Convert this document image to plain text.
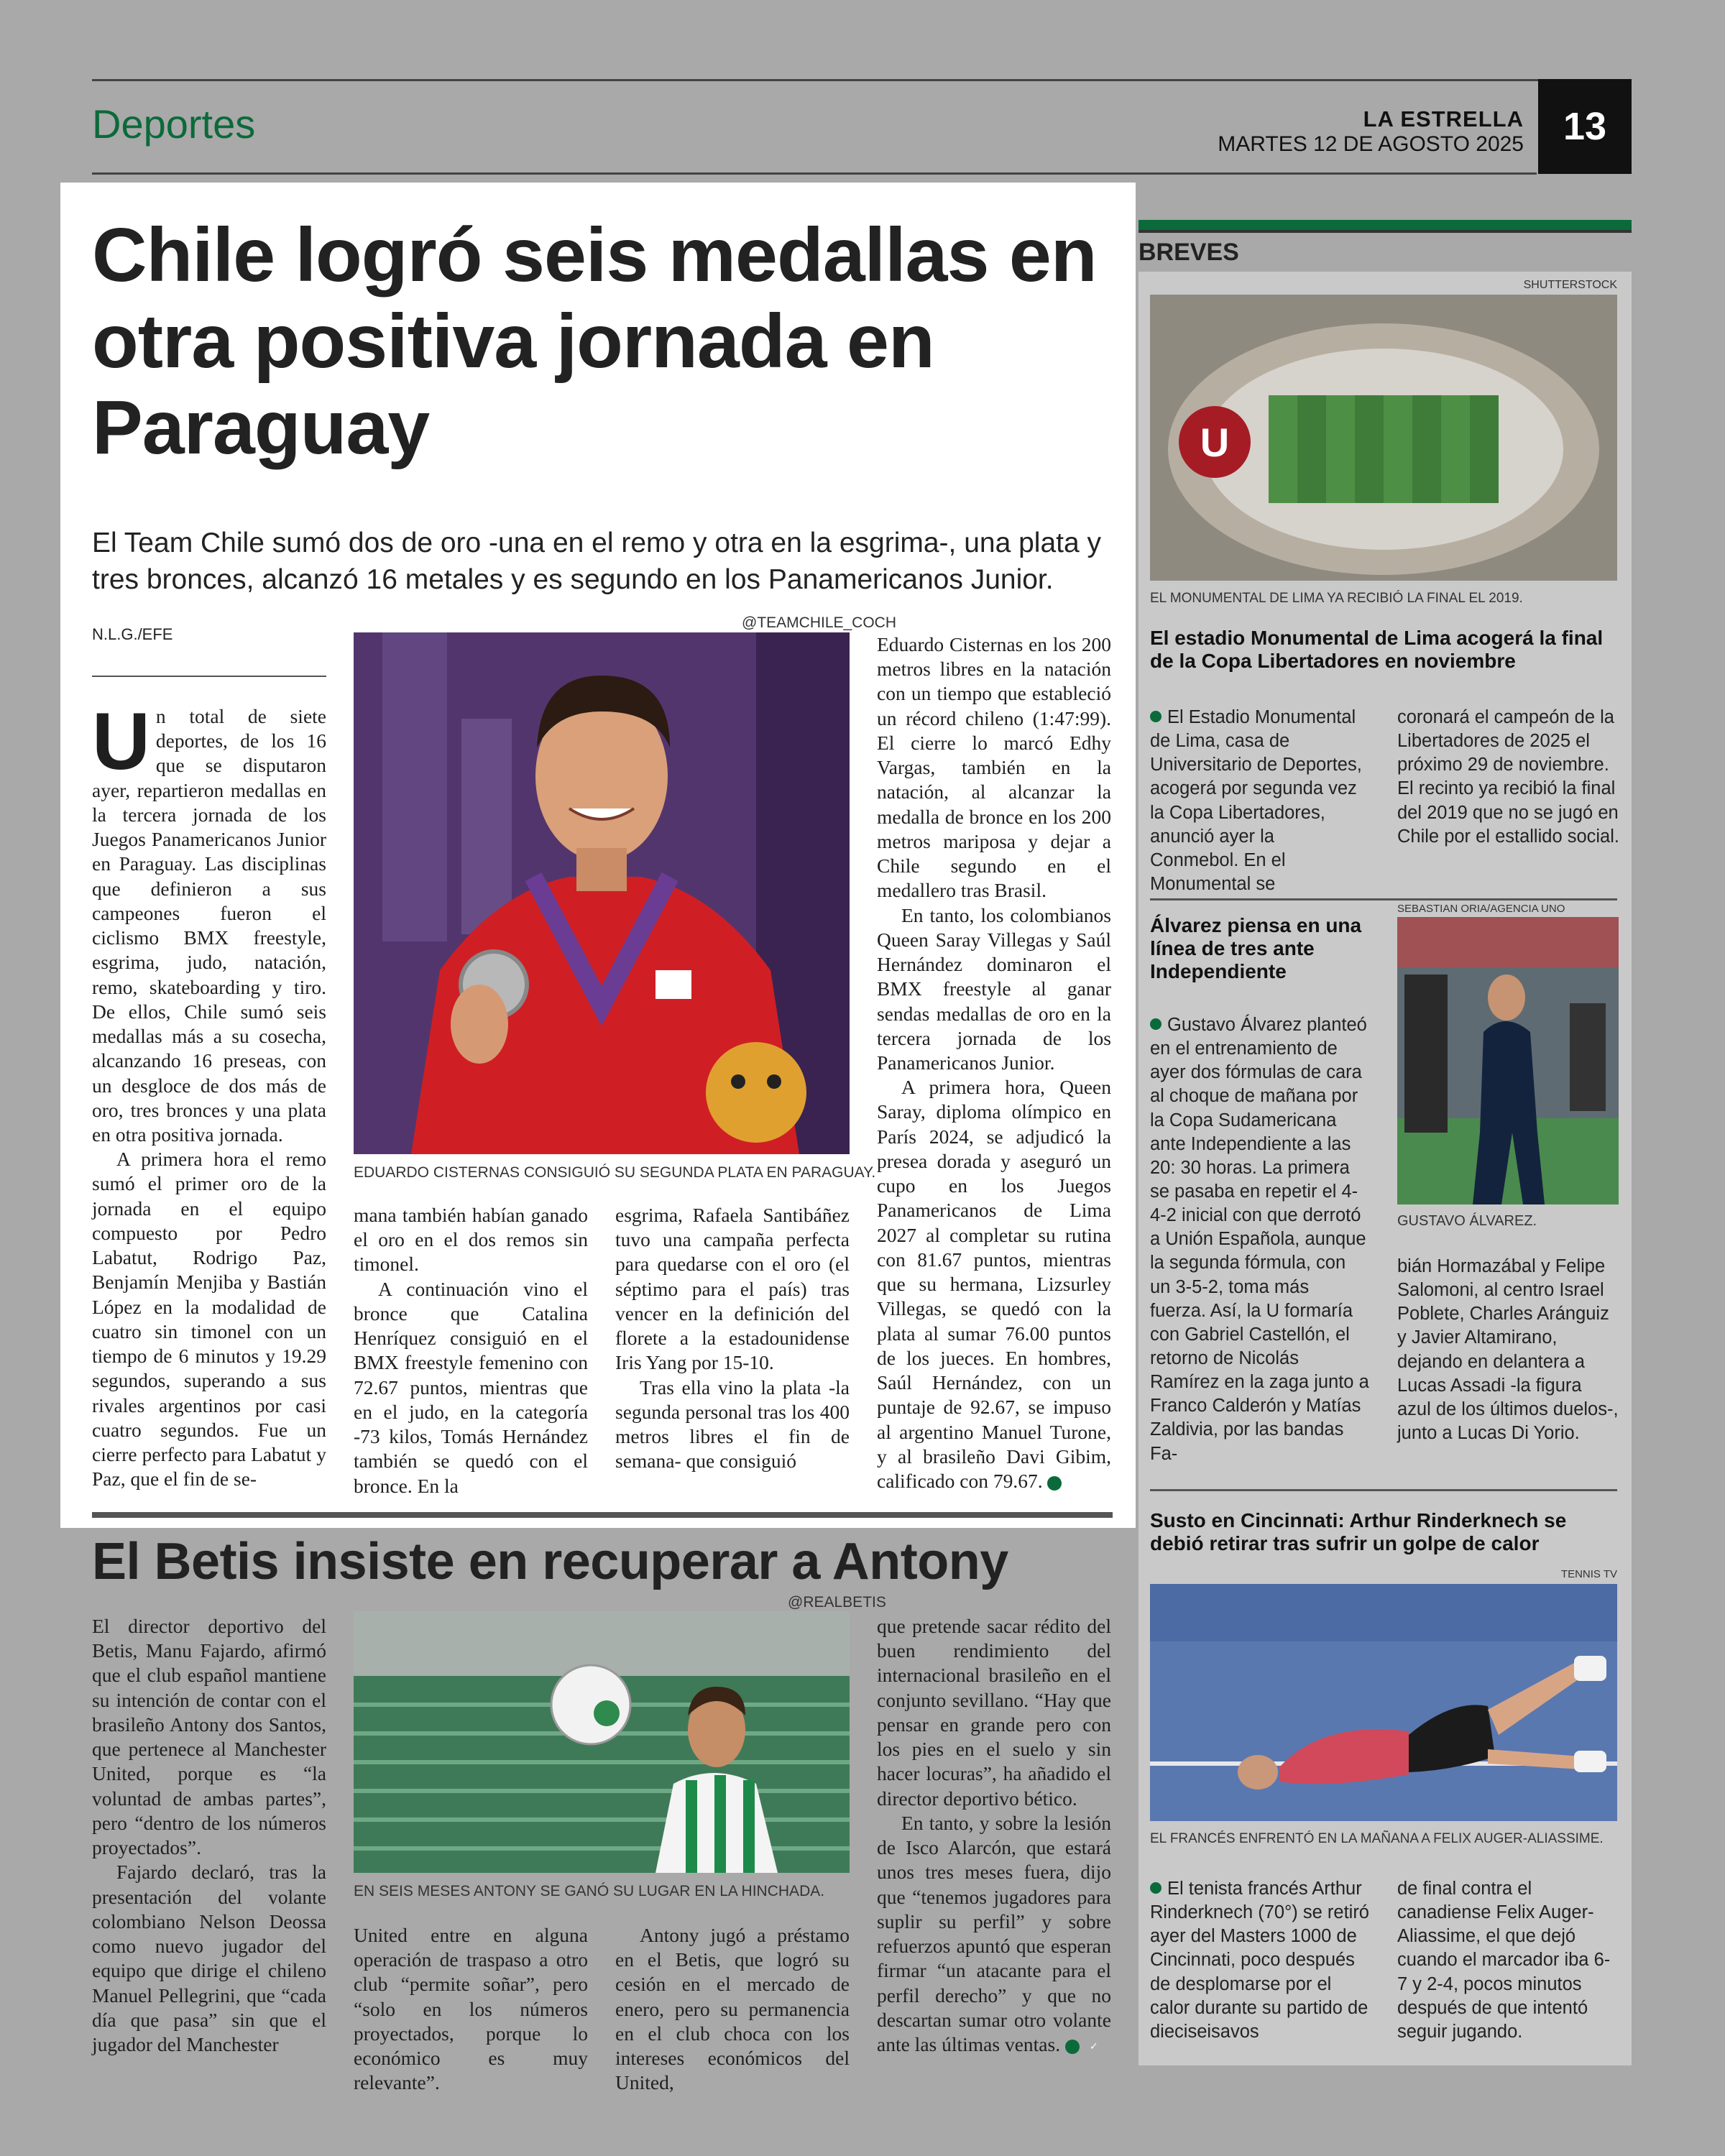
Deportes	LA ESTRELLA
MARTES 12 DE AGOSTO 2025	13
Chile logró seis medallas en otra positiva jornada en Paraguay
El Team Chile sumó dos de oro -una en el remo y otra en la esgrima-, una plata y tres bronces, alcanzó 16 metales y es segundo en los Panamericanos Junior.
N.L.G./EFE

Un total de siete deportes, de los 16 que se disputaron ayer, repartieron medallas en la tercera jornada de los Juegos Panamericanos Junior en Paraguay. Las disciplinas que definieron a sus campeones fueron el ciclismo BMX freestyle, esgrima, judo, natación, remo, skateboarding y tiro. De ellos, Chile sumó seis medallas más a su cosecha, alcanzando 16 preseas, con un desgloce de dos más de oro, tres bronces y una plata en otra positiva jornada.

A primera hora el remo sumó el primer oro de la jornada en el equipo compuesto por Pedro Labatut, Rodrigo Paz, Benjamín Menjiba y Bastián López en la modalidad de cuatro sin timonel con un tiempo de 6 minutos y 19.29 segundos, superando a sus rivales argentinos por casi cuatro segundos. Fue un cierre perfecto para Labatut y Paz, que el fin de se-

@TEAMCHILE_COCH
EDUARDO CISTERNAS CONSIGUIÓ SU SEGUNDA PLATA EN PARAGUAY.

mana también habían ganado el oro en el dos remos sin timonel.

A continuación vino el bronce que Catalina Henríquez consiguió en el BMX freestyle femenino con 72.67 puntos, mientras que en el judo, en la categoría -73 kilos, Tomás Hernández también se quedó con el bronce. En la

esgrima, Rafaela Santibáñez tuvo una campaña perfecta para quedarse con el oro (el séptimo para el país) tras vencer en la definición del florete a la estadounidense Iris Yang por 15-10.

Tras ella vino la plata -la segunda personal tras los 400 metros libres el fin de semana- que consiguió

Eduardo Cisternas en los 200 metros libres en la natación con un tiempo que estableció un récord chileno (1:47:99). El cierre lo marcó Edhy Vargas, también en la natación, al alcanzar la medalla de bronce en los 200 metros mariposa y dejar a Chile segundo en el medallero tras Brasil.

En tanto, los colombianos Queen Saray Villegas y Saúl Hernández dominaron el BMX freestyle al ganar sendas medallas de oro en la tercera jornada de los Panamericanos Junior.

A primera hora, Queen Saray, diploma olímpico en París 2024, se adjudicó la presea dorada y aseguró un cupo en los Juegos Panamericanos de Lima 2027 al completar su rutina con 81.67 puntos, mientras que su hermana, Lizsurley Villegas, se quedó con la plata al sumar 76.00 puntos de los jueces. En hombres, Saúl Hernández, con un puntaje de 92.67, se impuso al argentino Manuel Turone, y al brasileño Davi Gibim, calificado con 79.67.	✓

El Betis insiste en recuperar a Antony

El director deportivo del Betis, Manu Fajardo, afirmó que el club español mantiene su intención de contar con el brasileño Antony dos Santos, que pertenece al Manchester United, porque es “la voluntad de ambas partes”, pero “dentro de los números proyectados”.

Fajardo declaró, tras la presentación del volante colombiano Nelson Deossa como nuevo jugador del equipo que dirige el chileno Manuel Pellegrini, que “cada día que pasa” sin que el jugador del Manchester

@REALBETIS
EN SEIS MESES ANTONY SE GANÓ SU LUGAR EN LA HINCHADA.

United entre en alguna operación de traspaso a otro club “permite soñar”, pero “solo en los números proyectados, porque lo económico es muy relevante”.

Antony jugó a préstamo en el Betis, que logró su cesión en el mercado de enero, pero su permanencia en el club choca con los intereses económicos del United,

que pretende sacar rédito del buen rendimiento del internacional brasileño en el conjunto sevillano. “Hay que pensar en grande pero con los pies en el suelo y sin hacer locuras”, ha añadido el director deportivo bético.

En tanto, y sobre la lesión de Isco Alarcón, que estará unos tres meses fuera, dijo que “tenemos jugadores para suplir su perfil” y sobre refuerzos apuntó que esperan firmar “un atacante para el perfil derecho” y que no descartan sumar otro volante ante las últimas ventas.	✓

BREVES
SHUTTERSTOCK
U
EL MONUMENTAL DE LIMA YA RECIBIÓ LA FINAL EL 2019.
El estadio Monumental de Lima acogerá la final de la Copa Libertadores en noviembre
El Estadio Monumental de Lima, casa de Universitario de Deportes, acogerá por segunda vez la Copa Libertadores, anunció ayer la Conmebol. En el Monumental se
coronará el campeón de la Libertadores de 2025 el próximo 29 de noviembre. El recinto ya recibió la final del 2019 que no se jugó en Chile por el estallido social.
Álvarez piensa en una línea de tres ante Independiente
SEBASTIAN ORIA/AGENCIA UNO
Gustavo Álvarez planteó en el entrenamiento de ayer dos fórmulas de cara al choque de mañana por la Copa Sudamericana ante Independiente a las 20: 30 horas. La primera se pasaba en repetir el 4-4-2 inicial con que derrotó a Unión Española, aunque la segunda fórmula, con un 3-5-2, toma más fuerza. Así, la U formaría con Gabriel Castellón, el retorno de Nicolás Ramírez en la zaga junto a Franco Calderón y Matías Zaldivia, por las bandas Fa-
GUSTAVO ÁLVAREZ.
bián Hormazábal y Felipe Salomoni, al centro Israel Poblete, Charles Aránguiz y Javier Altamirano, dejando en delantera a Lucas Assadi -la figura azul de los últimos duelos-, junto a Lucas Di Yorio.
Susto en Cincinnati: Arthur Rinderknech se debió retirar tras sufrir un golpe de calor
TENNIS TV
EL FRANCÉS ENFRENTÓ EN LA MAÑANA A FELIX AUGER-ALIASSIME.
El tenista francés Arthur Rinderknech (70°) se retiró ayer del Masters 1000 de Cincinnati, poco después de desplomarse por el calor durante su partido de dieciseisavos
de final contra el canadiense Felix Auger-Aliassime, el que dejó cuando el marcador iba 6-7 y 2-4, pocos minutos después de que intentó seguir jugando.
